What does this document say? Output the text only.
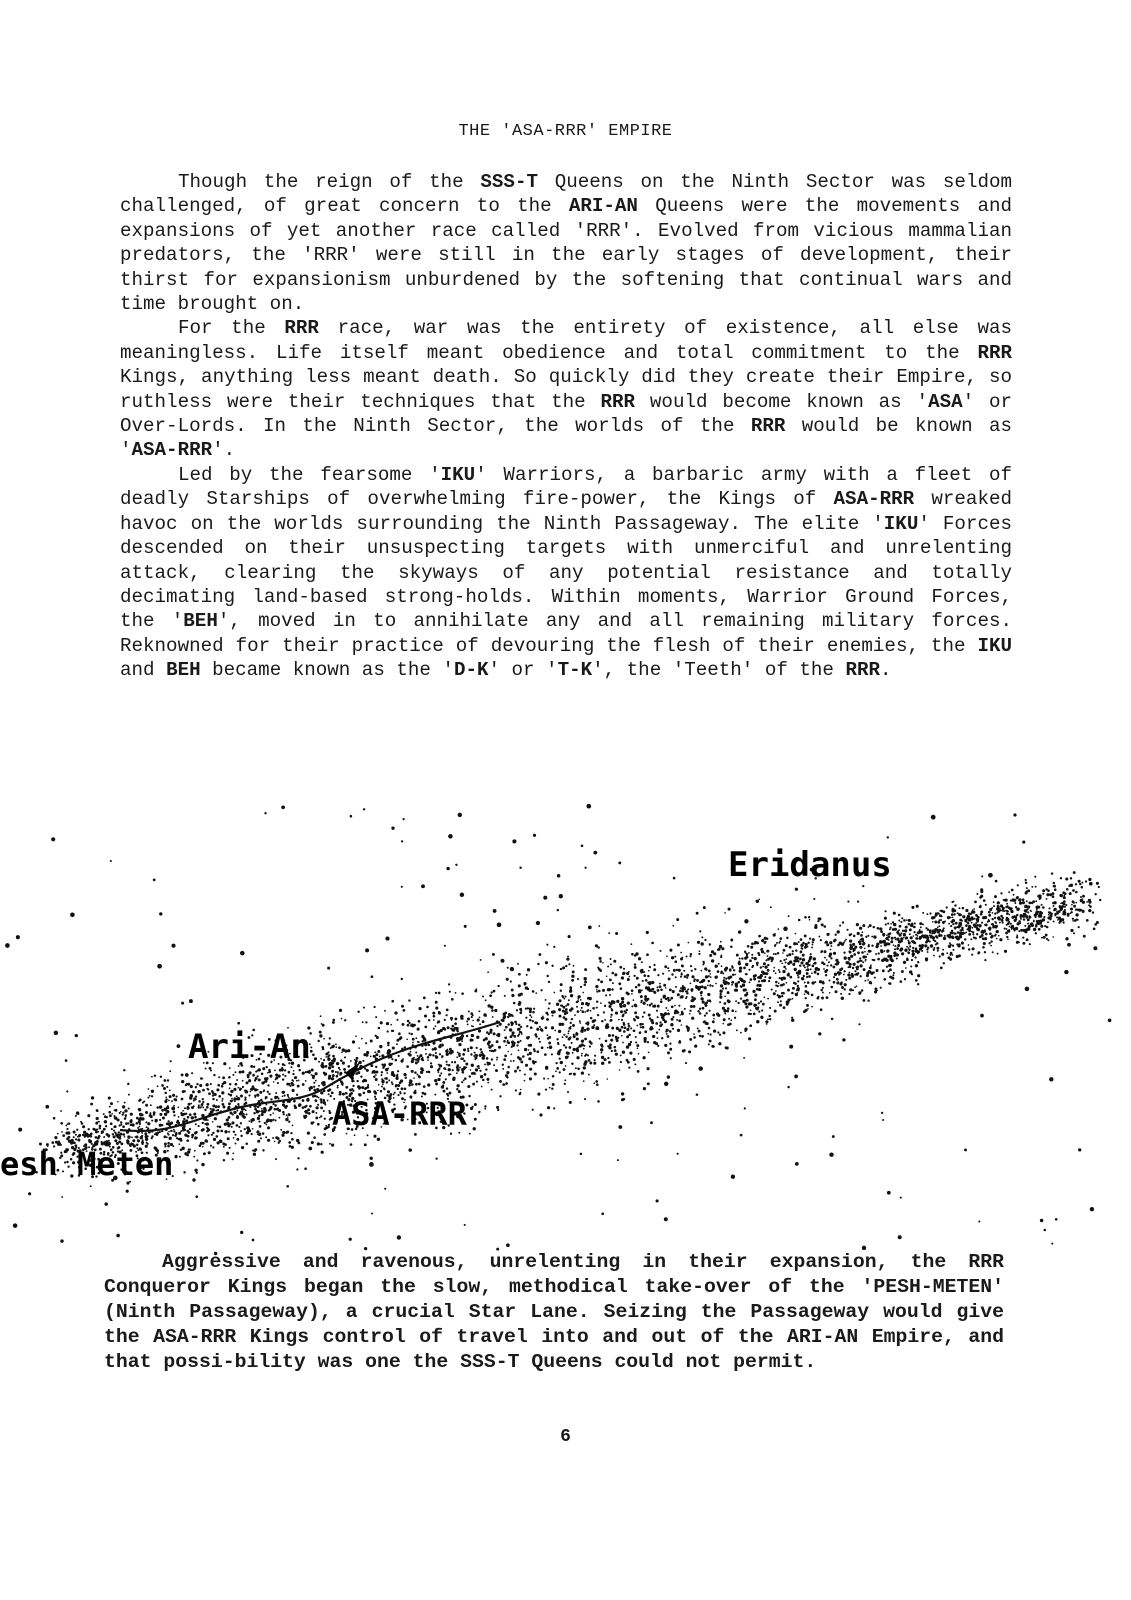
THE 'ASA-RRR' EMPIRE

Though the reign of the SSS-T Queens on the Ninth Sector was seldom challenged, of great concern to the ARI-AN Queens were the movements and expansions of yet another race called 'RRR'. Evolved from vicious mammalian predators, the 'RRR' were still in the early stages of development, their thirst for expansionism unburdened by the softening that continual wars and time brought on.

For the RRR race, war was the entirety of existence, all else was meaningless. Life itself meant obedience and total commitment to the RRR Kings, anything less meant death. So quickly did they create their Empire, so ruthless were their techniques that the RRR would become known as 'ASA' or Over-Lords. In the Ninth Sector, the worlds of the RRR would be known as 'ASA-RRR'.

Led by the fearsome 'IKU' Warriors, a barbaric army with a fleet of deadly Starships of overwhelming fire-power, the Kings of ASA-RRR wreaked havoc on the worlds surrounding the Ninth Passageway. The elite 'IKU' Forces descended on their unsuspecting targets with unmerciful and unrelenting attack, clearing the skyways of any potential resistance and totally decimating land-based strong-holds. Within moments, Warrior Ground Forces, the 'BEH', moved in to annihilate any and all remaining military forces. Reknowned for their practice of devouring the flesh of their enemies, the IKU and BEH became known as the 'D-K' or 'T-K', the 'Teeth' of the RRR.

Eridanus
Ari-An
ASA-RRR
esh Meten

Aggressive and ravenous, unrelenting in their expansion, the RRR Conqueror Kings began the slow, methodical take-over of the 'PESH-METEN' (Ninth Passageway), a crucial Star Lane. Seizing the Passageway would give the ASA-RRR Kings control of travel into and out of the ARI-AN Empire, and that possi-bility was one the SSS-T Queens could not permit.

6
